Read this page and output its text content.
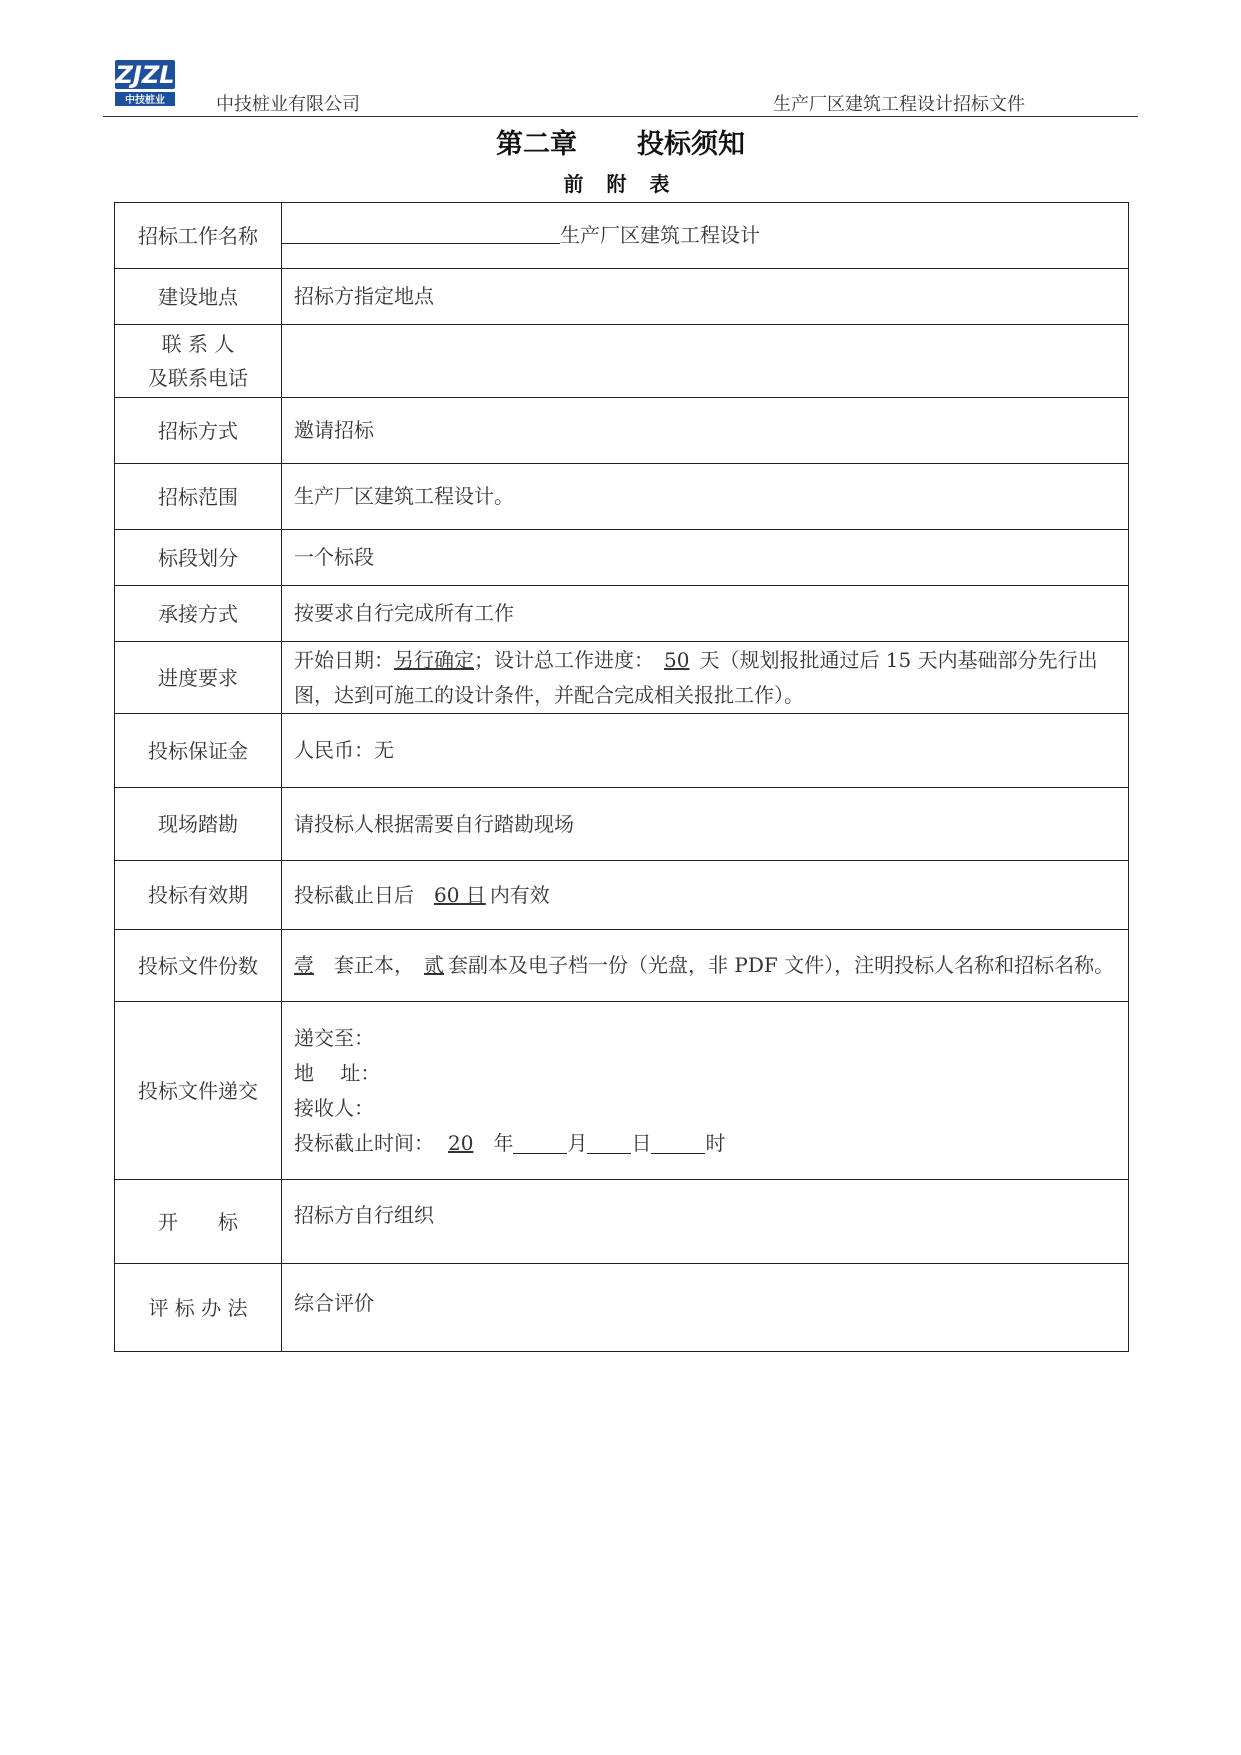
ZJZL
中技桩业	中技桩业有限公司	生产厂区建筑工程设计招标文件
第二章 投标须知
前 附 表
招标工作名称	生产厂区建筑工程设计
建设地点	招标方指定地点

联 系 人
及联系电话	

招标方式	邀请招标
招标范围	生产厂区建筑工程设计。
标段划分	一个标段
承接方式	按要求自行完成所有工作
进度要求	开始日期：另行确定；设计总工作进度： 50 天（规划报批通过后 15 天内基础部分先行出图，达到可施工的设计条件，并配合完成相关报批工作）。
投标保证金	人民币：无
现场踏勘	请投标人根据需要自行踏勘现场
投标有效期	投标截止日后 60 日 内有效
投标文件份数	壹 套正本， 贰 套副本及电子档一份（光盘，非 PDF 文件），注明投标人名称和招标名称。
投标文件递交	递交至：
地　 址：
接收人：
投标截止时间： 20 年 月 日 时

开　　标	招标方自行组织
评 标 办 法	综合评价
